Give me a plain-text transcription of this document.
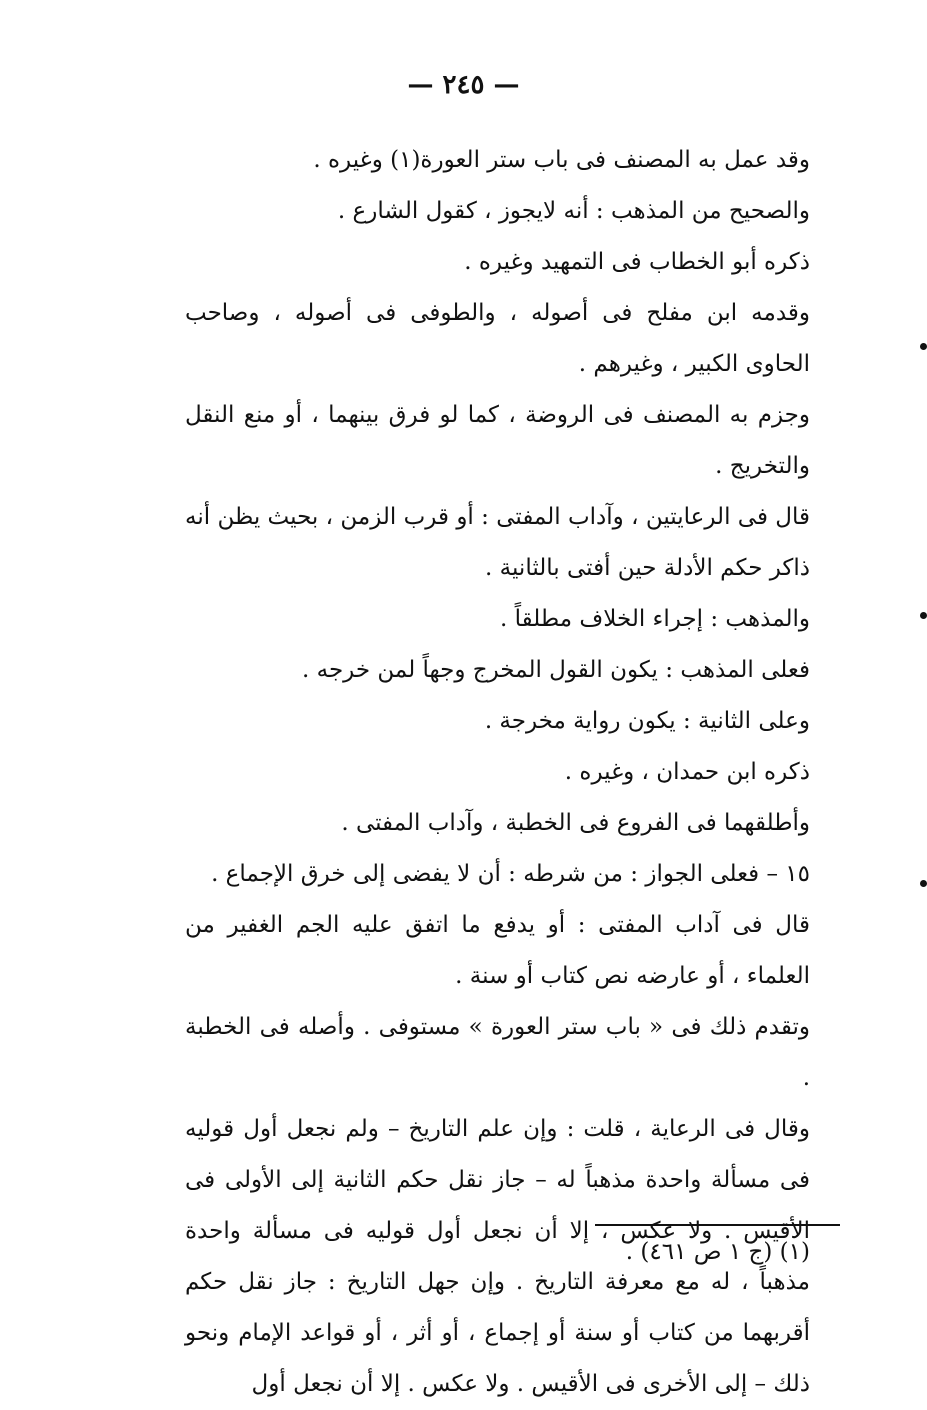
— ٢٤٥ —

وقد عمل به المصنف فى باب ستر العورة(١) وغيره .

والصحيح من المذهب : أنه لايجوز ، كقول الشارع .

ذكره أبو الخطاب فى التمهيد وغيره .

وقدمه ابن مفلح فى أصوله ، والطوفى فى أصوله ، وصاحب الحاوى الكبير ، وغيرهم .

وجزم به المصنف فى الروضة ، كما لو فرق بينهما ، أو منع النقل والتخريج .

قال فى الرعايتين ، وآداب المفتى : أو قرب الزمن ، بحيث يظن أنه ذاكر حكم الأدلة حين أفتى بالثانية .

والمذهب : إجراء الخلاف مطلقاً .

فعلى المذهب : يكون القول المخرج وجهاً لمن خرجه .

وعلى الثانية : يكون رواية مخرجة .

ذكره ابن حمدان ، وغيره .

وأطلقهما فى الفروع فى الخطبة ، وآداب المفتى .

١٥ – فعلى الجواز : من شرطه : أن لا يفضى إلى خرق الإجماع .

قال فى آداب المفتى : أو يدفع ما اتفق عليه الجم الغفير من العلماء ، أو عارضه نص كتاب أو سنة .

وتقدم ذلك فى « باب ستر العورة » مستوفى . وأصله فى الخطبة .

وقال فى الرعاية ، قلت : وإن علم التاريخ – ولم نجعل أول قوليه فى مسألة واحدة مذهباً له – جاز نقل حكم الثانية إلى الأولى فى الأقيس . ولا عكس ، إلا أن نجعل أول قوليه فى مسألة واحدة مذهباً ، له مع معرفة التاريخ . وإن جهل التاريخ : جاز نقل حكم أقربهما من كتاب أو سنة أو إجماع ، أو أثر ، أو قواعد الإمام ونحو ذلك – إلى الأخرى فى الأقيس . ولا عكس . إلا أن نجعل أول

(١) (ج ١ ص ٤٦١) .
